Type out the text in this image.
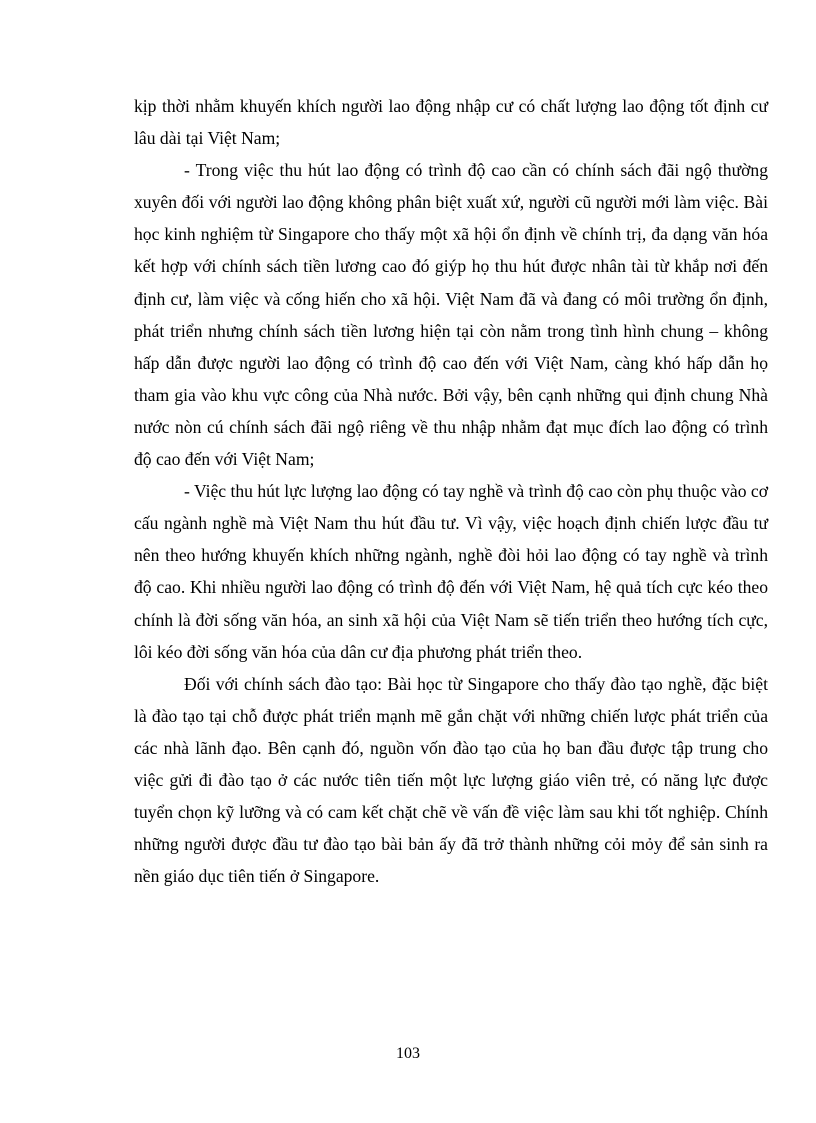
kịp thời nhằm khuyến khích người lao động nhập cư có chất lượng lao động tốt định cư lâu dài tại Việt Nam;

- Trong việc thu hút lao động có trình độ cao cần có chính sách đãi ngộ thường xuyên đối với người lao động không phân biệt xuất xứ, người cũ người mới làm việc. Bài học kinh nghiệm từ Singapore cho thấy một xã hội ổn định về chính trị, đa dạng văn hóa kết hợp với chính sách tiền lương cao đó giýp họ thu hút được nhân tài từ khắp nơi đến định cư, làm việc và cống hiến cho xã hội. Việt Nam đã và đang có môi trường ổn định, phát triển nhưng chính sách tiền lương hiện tại còn nằm trong tình hình chung – không hấp dẫn được người lao động có trình độ cao đến với Việt Nam, càng khó hấp dẫn họ tham gia vào khu vực công của Nhà nước. Bởi vậy, bên cạnh những qui định chung Nhà nước nòn cú chính sách đãi ngộ riêng về thu nhập nhằm đạt mục đích lao động có trình độ cao đến với Việt Nam;

- Việc thu hút lực lượng lao động có tay nghề và trình độ cao còn phụ thuộc vào cơ cấu ngành nghề mà Việt Nam thu hút đầu tư. Vì vậy, việc hoạch định chiến lược đầu tư nên theo hướng khuyến khích những ngành, nghề đòi hỏi lao động có tay nghề và trình độ cao. Khi nhiều người lao động có trình độ đến với Việt Nam, hệ quả tích cực kéo theo chính là đời sống văn hóa, an sinh xã hội của Việt Nam sẽ tiến triển theo hướng tích cực, lôi kéo đời sống văn hóa của dân cư địa phương phát triển theo.

Đối với chính sách đào tạo: Bài học từ Singapore cho thấy đào tạo nghề, đặc biệt là đào tạo tại chỗ được phát triển mạnh mẽ gắn chặt với những chiến lược phát triển của các nhà lãnh đạo. Bên cạnh đó, nguồn vốn đào tạo của họ ban đầu được tập trung cho việc gửi đi đào tạo ở các nước tiên tiến một lực lượng giáo viên trẻ, có năng lực được tuyển chọn kỹ lưỡng và có cam kết chặt chẽ về vấn đề việc làm sau khi tốt nghiệp. Chính những người được đầu tư đào tạo bài bản ấy đã trở thành những cỏi mỏy để sản sinh ra nền giáo dục tiên tiến ở Singapore.

103
